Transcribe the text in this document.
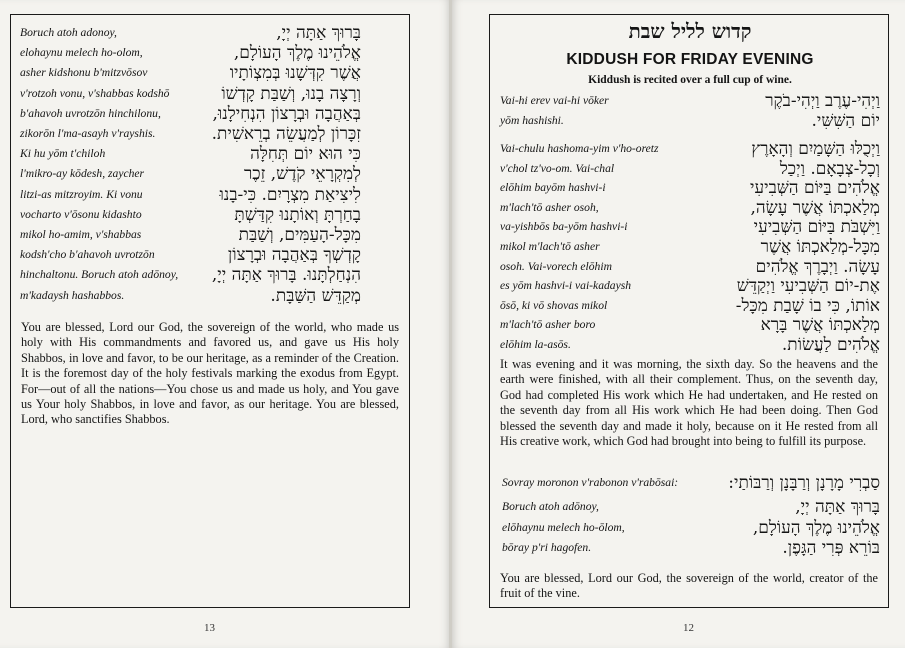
Boruch atoh adonoy,	בָּרוּךְ אַתָּה יְיָ,
elohaynu melech ho-olom,	אֱלֹהֵינוּ מֶלֶךְ הָעוֹלָם,
asher kidshonu b'mitzvōsov	אֲשֶׁר קִדְּשָׁנוּ בְּמִצְוֹתָיו
v'rotzoh vonu, v'shabbas kodshō	וְרָצָה בָנוּ, וְשַׁבַּת קָדְשׁוֹ
b'ahavoh uvrotzōn hinchilonu,	בְּאַהֲבָה וּבְרָצוֹן הִנְחִילָנוּ,
zikorōn l'ma-asayh v'rayshis.	זִכָּרוֹן לְמַעֲשֵׂה בְרֵאשִׁית.
Ki hu yōm t'chiloh	כִּי הוּא יוֹם תְּחִלָּה
l'mikro-ay kōdesh, zaycher	לְמִקְרָאֵי קֹדֶשׁ, זֵכֶר
litzi-as mitzroyim. Ki vonu	לִיצִיאַת מִצְרָיִם. כִּי-בָנוּ
vocharto v'ōsonu kidashto	בָחַרְתָּ וְאוֹתָנוּ קִדַּשְׁתָּ
mikol ho-amim, v'shabbas	מִכָּל-הָעַמִּים, וְשַׁבַּת
kodsh'cho b'ahavoh uvrotzōn	קָדְשְׁךָ בְּאַהֲבָה וּבְרָצוֹן
hinchaltonu. Boruch atoh adōnoy, הִנְחַלְתָּנוּ. בָּרוּךְ אַתָּה יְיָ,
m'kadaysh hashabbos.	מְקַדֵּשׁ הַשַּׁבָּת.
You are blessed, Lord our God, the sovereign of the world, who made us holy with His commandments and favored us, and gave us His holy Shabbos, in love and favor, to be our heritage, as a reminder of the Creation. It is the foremost day of the holy festivals marking the exodus from Egypt. For—out of all the nations—You chose us and made us holy, and You gave us Your holy Shabbos, in love and favor, as our heritage. You are blessed, Lord, who sanctifies Shabbos.
13
קדוש לליל שבת
KIDDUSH FOR FRIDAY EVENING
Kiddush is recited over a full cup of wine.
Vai-hi erev vai-hi vōker	וַיְהִי-עֶרֶב וַיְהִי-בֹקֶר
yōm hashishi.	יוֹם הַשִּׁשִּׁי.
Vai-chulu hashoma-yim v'ho-oretz	וַיְכֻלּוּ הַשָּׁמַיִם וְהָאָרֶץ
v'chol tz'vo-om. Vai-chal	וְכָל-צְבָאָם. וַיְכַל
elōhim bayōm hashvi-i	אֱלֹהִים בַּיּוֹם הַשְּׁבִיעִי
m'lach'tō asher osoh,	מְלַאכְתּוֹ אֲשֶׁר עָשָׂה,
va-yishbōs ba-yōm hashvi-i	וַיִּשְׁבֹּת בַּיּוֹם הַשְּׁבִיעִי
mikol m'lach'tō asher	מִכָּל-מְלַאכְתּוֹ אֲשֶׁר
osoh. Vai-vorech elōhim	עָשָׂה. וַיְבָרֶךְ אֱלֹהִים
es yōm hashvi-i vai-kadaysh	אֶת-יוֹם הַשְּׁבִיעִי וַיְקַדֵּשׁ
ōsō, ki vō shovas mikol	אוֹתוֹ, כִּי בוֹ שָׁבַת מִכָּל-
m'lach'tō asher boro	מְלַאכְתּוֹ אֲשֶׁר בָּרָא
elōhim la-asōs.	אֱלֹהִים לַעֲשׂוֹת.
It was evening and it was morning, the sixth day. So the heavens and the earth were finished, with all their complement. Thus, on the seventh day, God had completed His work which He had undertaken, and He rested on the seventh day from all His work which He had been doing. Then God blessed the seventh day and made it holy, because on it He rested from all His creative work, which God had brought into being to fulfill its purpose.
Sovray moronon v'rabonon v'rabōsai:	סַבְרִי מָרָנָן וְרַבָּנָן וְרַבּוֹתַי:
Boruch atoh adōnoy,	בָּרוּךְ אַתָּה יְיָ,
elōhaynu melech ho-ōlom,	אֱלֹהֵינוּ מֶלֶךְ הָעוֹלָם,
bōray p'ri hagofen.	בּוֹרֵא פְּרִי הַגָּפֶן.
You are blessed, Lord our God, the sovereign of the world, creator of the fruit of the vine.
12
